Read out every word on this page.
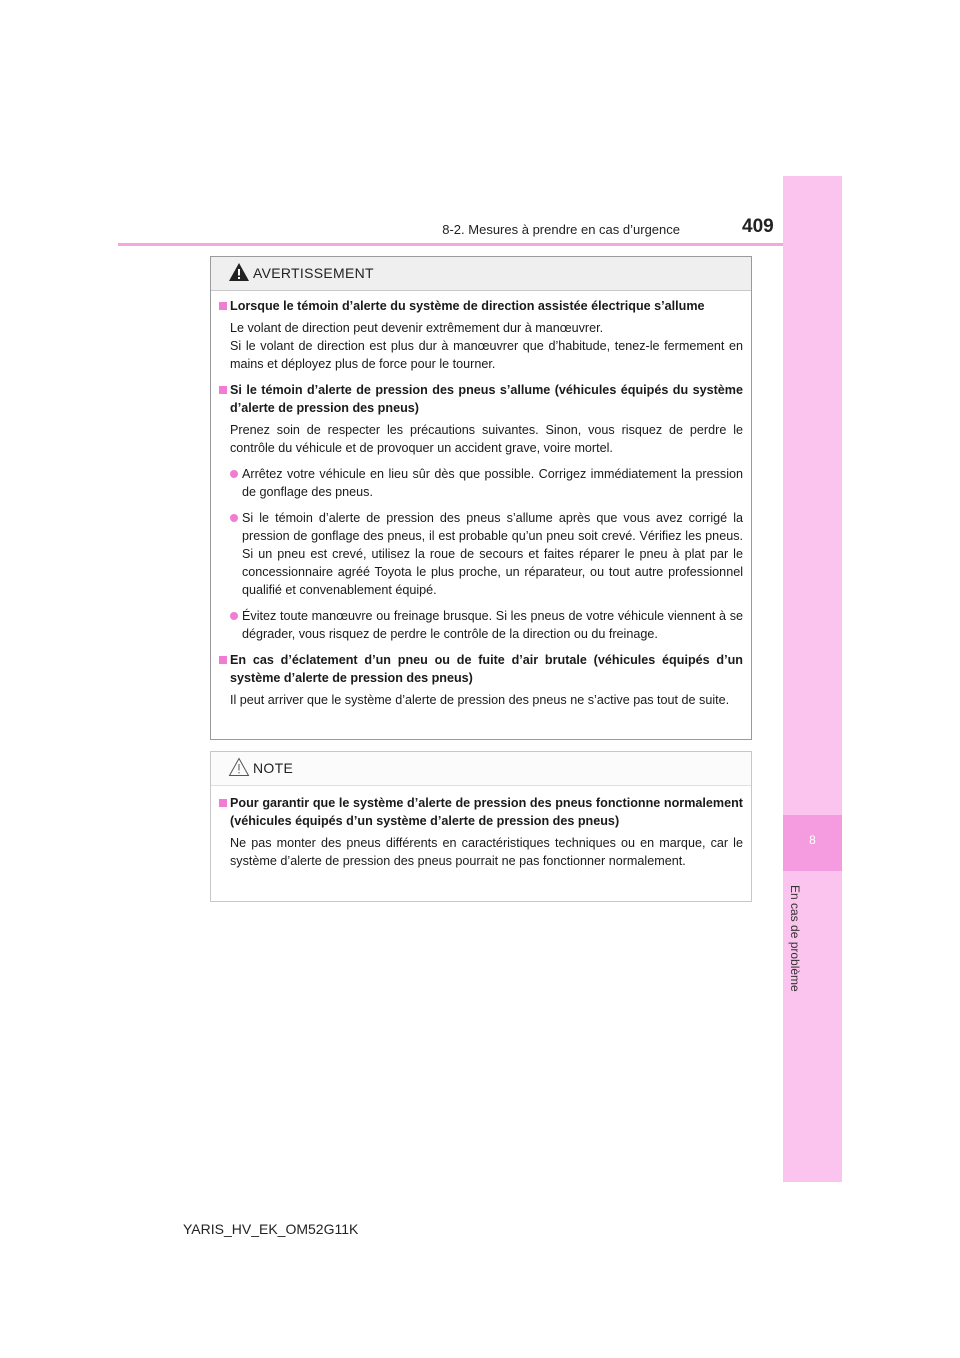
8-2. Mesures à prendre en cas d’urgence	409
8
En cas de problème
AVERTISSEMENT
Lorsque le témoin d’alerte du système de direction assistée électrique s’allume
Le volant de direction peut devenir extrêmement dur à manœuvrer.
Si le volant de direction est plus dur à manœuvrer que d’habitude, tenez-le fermement en mains et déployez plus de force pour le tourner.
Si le témoin d’alerte de pression des pneus s’allume (véhicules équipés du système d’alerte de pression des pneus)
Prenez soin de respecter les précautions suivantes. Sinon, vous risquez de perdre le contrôle du véhicule et de provoquer un accident grave, voire mortel.
Arrêtez votre véhicule en lieu sûr dès que possible. Corrigez immédiatement la pression de gonflage des pneus.
Si le témoin d’alerte de pression des pneus s’allume après que vous avez corrigé la pression de gonflage des pneus, il est probable qu’un pneu soit crevé. Vérifiez les pneus. Si un pneu est crevé, utilisez la roue de secours et faites réparer le pneu à plat par le concessionnaire agréé Toyota le plus proche, un réparateur, ou tout autre professionnel qualifié et convenablement équipé.
Évitez toute manœuvre ou freinage brusque. Si les pneus de votre véhicule viennent à se dégrader, vous risquez de perdre le contrôle de la direction ou du freinage.
En cas d’éclatement d’un pneu ou de fuite d’air brutale (véhicules équipés d’un système d’alerte de pression des pneus)
Il peut arriver que le système d’alerte de pression des pneus ne s’active pas tout de suite.
NOTE
Pour garantir que le système d’alerte de pression des pneus fonctionne normalement (véhicules équipés d’un système d’alerte de pression des pneus)
Ne pas monter des pneus différents en caractéristiques techniques ou en marque, car le système d’alerte de pression des pneus pourrait ne pas fonctionner normalement.
YARIS_HV_EK_OM52G11K
